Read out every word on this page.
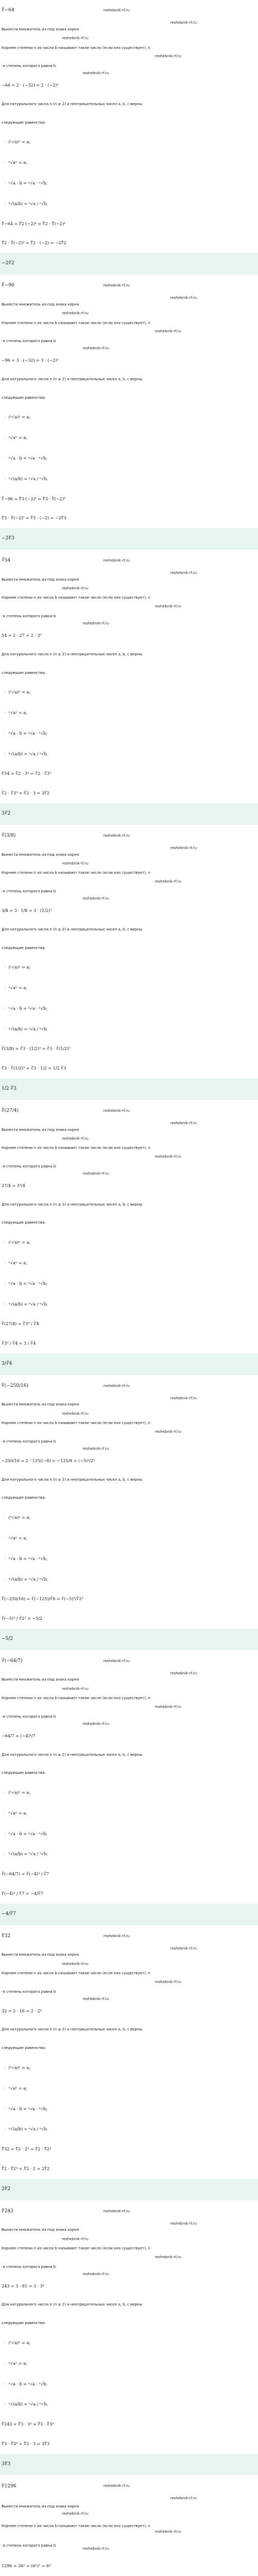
∛−64
Вынести множитель из-под знака корня
Корнем степени n из числа b называют такое число (если оно существует), n
-я степень которого равна b
−64 = 2 · (−32) = 2 · (−2)⁵
Для натурального числа n (n ≥ 2) и неотрицательных чисел a, b, c верны
следующие равенства:
· (ⁿ√a)ⁿ = a;
· ⁿ√aⁿ = a;
· ⁿ√a · b = ⁿ√a · ⁿ√b;
· ⁿ√(a/b) = ⁿ√a / ⁿ√b.
∜−64 = ∜2·(−2)⁴ = ∜2 · ∜(−2)⁴
∜2 · ∜(−2)⁴ = ∜2 · (−2) = −2∜2
−2∜2
reshebnik-rf.ru
reshebnik-rf.ru
reshebnik-rf.ru
reshebnik-rf.ru
reshebnik-rf.ru
∜−96
Вынести множитель из-под знака корня
Корнем степени n из числа b называют такое число (если оно существует), n
-я степень которого равна b
−96 = 3 · (−32) = 3 · (−2)⁵
Для натурального числа n (n ≥ 2) и неотрицательных чисел a, b, c верны
следующие равенства:
· (ⁿ√a)ⁿ = a;
· ⁿ√aⁿ = a;
· ⁿ√a · b = ⁿ√a · ⁿ√b;
· ⁿ√(a/b) = ⁿ√a / ⁿ√b.
∜−96 = ∜3·(−2)⁵ = ∜3 · ∜(−2)⁵
∜3 · ∜(−2)⁵ = ∜3 · (−2) = −2∜3
−2∜3
reshebnik-rf.ru
reshebnik-rf.ru
reshebnik-rf.ru
reshebnik-rf.ru
reshebnik-rf.ru
∛54
Вынести множитель из-под знака корня
Корнем степени n из числа b называют такое число (если оно существует), n
-я степень которого равна b
54 = 2 · 27 = 2 · 3³
Для натурального числа n (n ≥ 2) и неотрицательных чисел a, b, c верны
следующие равенства:
· (ⁿ√a)ⁿ = a;
· ⁿ√aⁿ = a;
· ⁿ√a · b = ⁿ√a · ⁿ√b;
· ⁿ√(a/b) = ⁿ√a / ⁿ√b.
∛54 = ∛2 · 3³ = ∛2 · ∛3³
∛2 · ∛3³ = ∛2 · 3 = 3∛2
3∛2
reshebnik-rf.ru
reshebnik-rf.ru
reshebnik-rf.ru
reshebnik-rf.ru
reshebnik-rf.ru
∛(3/8)
Вынести множитель из-под знака корня
Корнем степени n из числа b называют такое число (если оно существует), n
-я степень которого равна b
3/8 = 3 · 1/8 = 3 · (1/2)³
Для натурального числа n (n ≥ 2) и неотрицательных чисел a, b, c верны
следующие равенства:
· (ⁿ√a)ⁿ = a;
· ⁿ√aⁿ = a;
· ⁿ√a · b = ⁿ√a · ⁿ√b;
· ⁿ√(a/b) = ⁿ√a / ⁿ√b.
∛(3/8) = ∛3 · (1/2)³ = ∛3 · ∛(1/2)³
∛3 · ∛(1/2)³ = ∛3 · 1/2 = 1/2 ∛3
1/2 ∛3
reshebnik-rf.ru
reshebnik-rf.ru
reshebnik-rf.ru
reshebnik-rf.ru
reshebnik-rf.ru
∜(27/4)
Вынести множитель из-под знака корня
Корнем степени n из числа b называют такое число (если оно существует), n
-я степень которого равна b
27/4 = 3³/4
Для натурального числа n (n ≥ 2) и неотрицательных чисел a, b, c верны
следующие равенства:
· (ⁿ√a)ⁿ = a;
· ⁿ√aⁿ = a;
· ⁿ√a · b = ⁿ√a · ⁿ√b;
· ⁿ√(a/b) = ⁿ√a / ⁿ√b.
∛(27/4) = ∛3³ / ∛4
∛3³ / ∛4 = 3 / ∛4
3/∛4
reshebnik-rf.ru
reshebnik-rf.ru
reshebnik-rf.ru
reshebnik-rf.ru
reshebnik-rf.ru
∜(−250/16)
Вынести множитель из-под знака корня
Корнем степени n из числа b называют такое число (если оно существует), n
-я степень которого равна b
−250/16 = 2 · 125/(−8) = −125/8 = (−5)³/2³
Для натурального числа n (n ≥ 2) и неотрицательных чисел a, b, c верны
следующие равенства:
· (ⁿ√a)ⁿ = a;
· ⁿ√aⁿ = a;
· ⁿ√a · b = ⁿ√a · ⁿ√b;
· ⁿ√(a/b) = ⁿ√a / ⁿ√b.
∜(−250/16) = ∛(−125)/∛8 = ∛(−5)³/∛2³
∛(−5)³ / ∛2³ = −5/2
−5/2
reshebnik-rf.ru
reshebnik-rf.ru
reshebnik-rf.ru
reshebnik-rf.ru
reshebnik-rf.ru
∛(−64/7)
Вынести множитель из-под знака корня
Корнем степени n из числа b называют такое число (если оно существует), n
-я степень которого равна b
−64/7 = (−4)³/7
Для натурального числа n (n ≥ 2) и неотрицательных чисел a, b, c верны
следующие равенства:
· (ⁿ√a)ⁿ = a;
· ⁿ√aⁿ = a;
· ⁿ√a · b = ⁿ√a · ⁿ√b;
· ⁿ√(a/b) = ⁿ√a / ⁿ√b.
∛(−64/7) = ∛(−4)³ / ∛7
∛(−4)³ / ∛7 = −4/∛7
−4/∛7
reshebnik-rf.ru
reshebnik-rf.ru
reshebnik-rf.ru
reshebnik-rf.ru
reshebnik-rf.ru
∜32
Вынести множитель из-под знака корня
Корнем степени n из числа b называют такое число (если оно существует), n
-я степень которого равна b
32 = 2 · 16 = 2 · 2⁴
Для натурального числа n (n ≥ 2) и неотрицательных чисел a, b, c верны
следующие равенства:
· (ⁿ√a)ⁿ = a;
· ⁿ√aⁿ = a;
· ⁿ√a · b = ⁿ√a · ⁿ√b;
· ⁿ√(a/b) = ⁿ√a / ⁿ√b.
∜32 = ∜2 · 2⁴ = ∜2 · ∜2⁴
∜2 · ∜2⁴ = ∜2 · 2 = 2∜2
2∜2
reshebnik-rf.ru
reshebnik-rf.ru
reshebnik-rf.ru
reshebnik-rf.ru
reshebnik-rf.ru
∜243
Вынести множитель из-под знака корня
Корнем степени n из числа b называют такое число (если оно существует), n
-я степень которого равна b
243 = 3 · 81 = 3 · 3⁴
Для натурального числа n (n ≥ 2) и неотрицательных чисел a, b, c верны
следующие равенства:
· (ⁿ√a)ⁿ = a;
· ⁿ√aⁿ = a;
· ⁿ√a · b = ⁿ√a · ⁿ√b;
· ⁿ√(a/b) = ⁿ√a / ⁿ√b.
∜243 = ∜3 · 3⁴ = ∜3 · ∜3⁴
∜3 · ∜3⁴ = ∜3 · 3 = 3∜3
3∜3
reshebnik-rf.ru
reshebnik-rf.ru
reshebnik-rf.ru
reshebnik-rf.ru
reshebnik-rf.ru
∜1296
Вынести множитель из-под знака корня
Корнем степени n из числа b называют такое число (если оно существует), n
-я степень которого равна b
1296 = 36² = (6²)² = 6⁴
reshebnik-rf.ru
reshebnik-rf.ru
reshebnik-rf.ru
reshebnik-rf.ru
reshebnik-rf.ru
